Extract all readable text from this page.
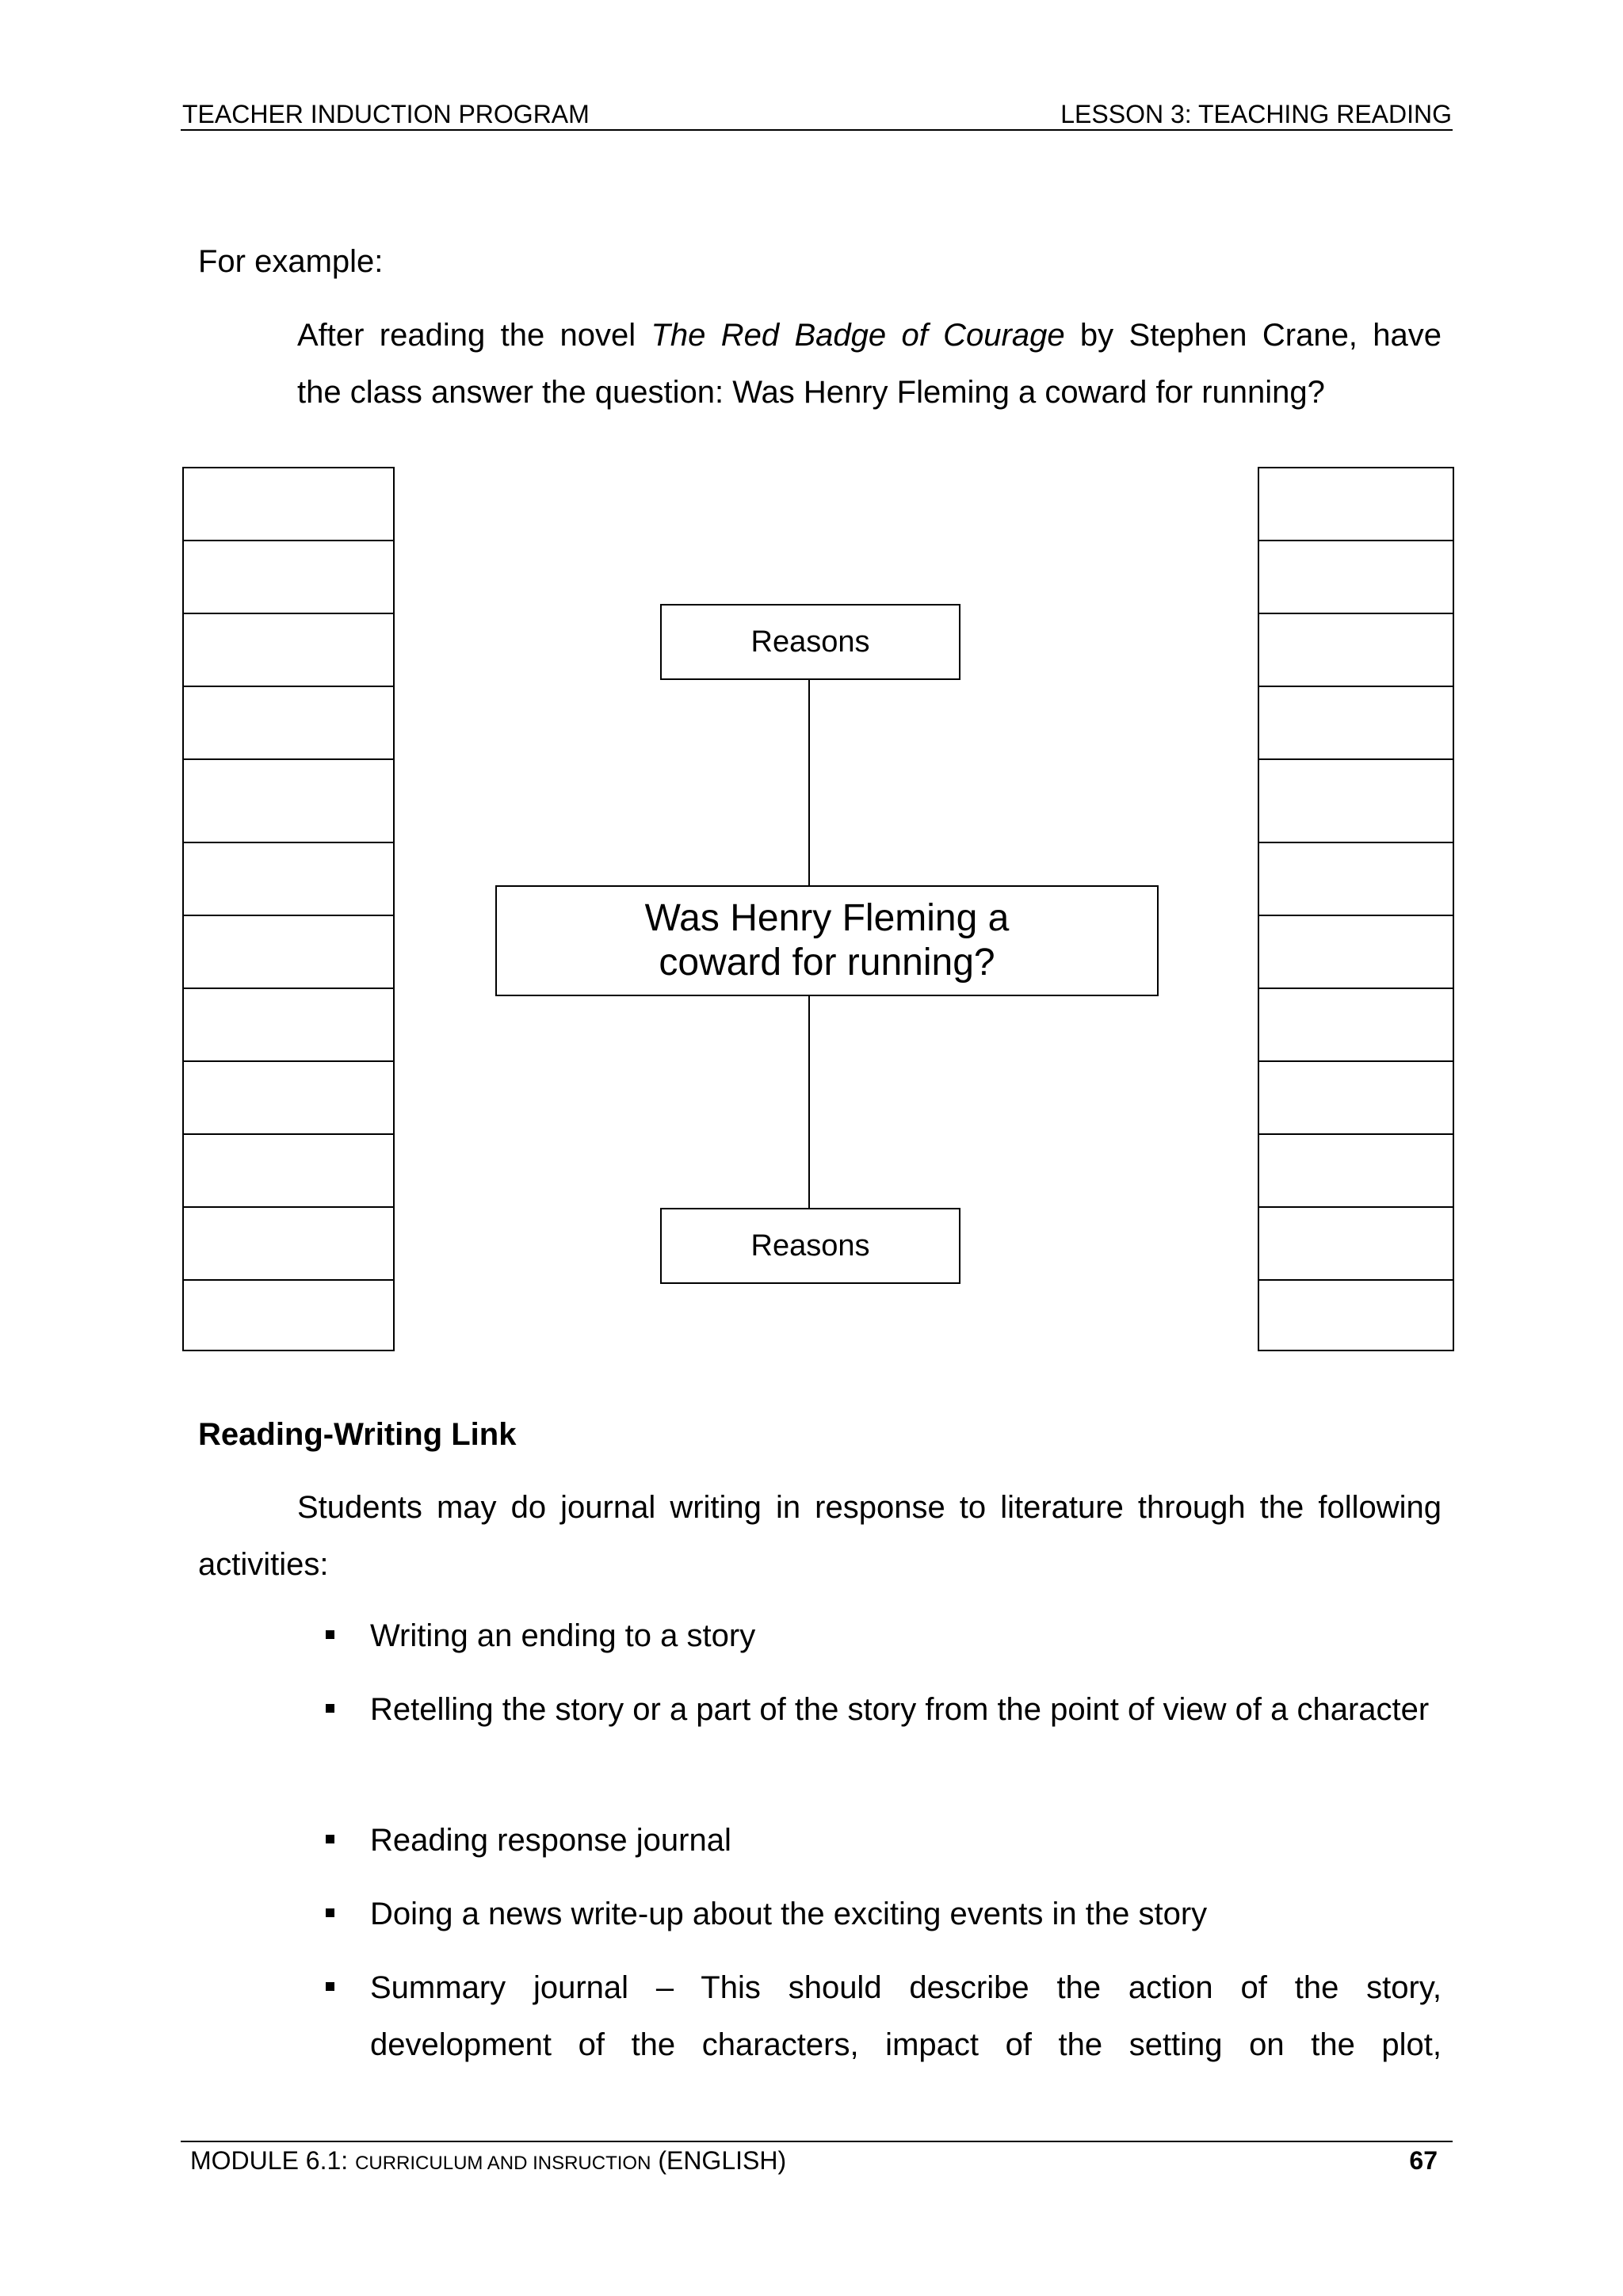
TEACHER INDUCTION PROGRAM	LESSON 3: TEACHING READING
For example:
After reading the novel The Red Badge of Courage by Stephen Crane, have
the class answer the question: Was Henry Fleming a coward for running?
Reasons
Was Henry Fleming a coward for running?
Reasons
Reading-Writing Link
Students may do journal writing in response to literature through the following
activities:
Writing an ending to a story
Retelling the story or a part of the story from the point of view of a character
Reading response journal
Doing a news write-up about the exciting events in the story
Summary journal – This should describe the action of the story, development of the characters, impact of the setting on the plot,
MODULE 6.1: CURRICULUM AND INSRUCTION (ENGLISH)	67
